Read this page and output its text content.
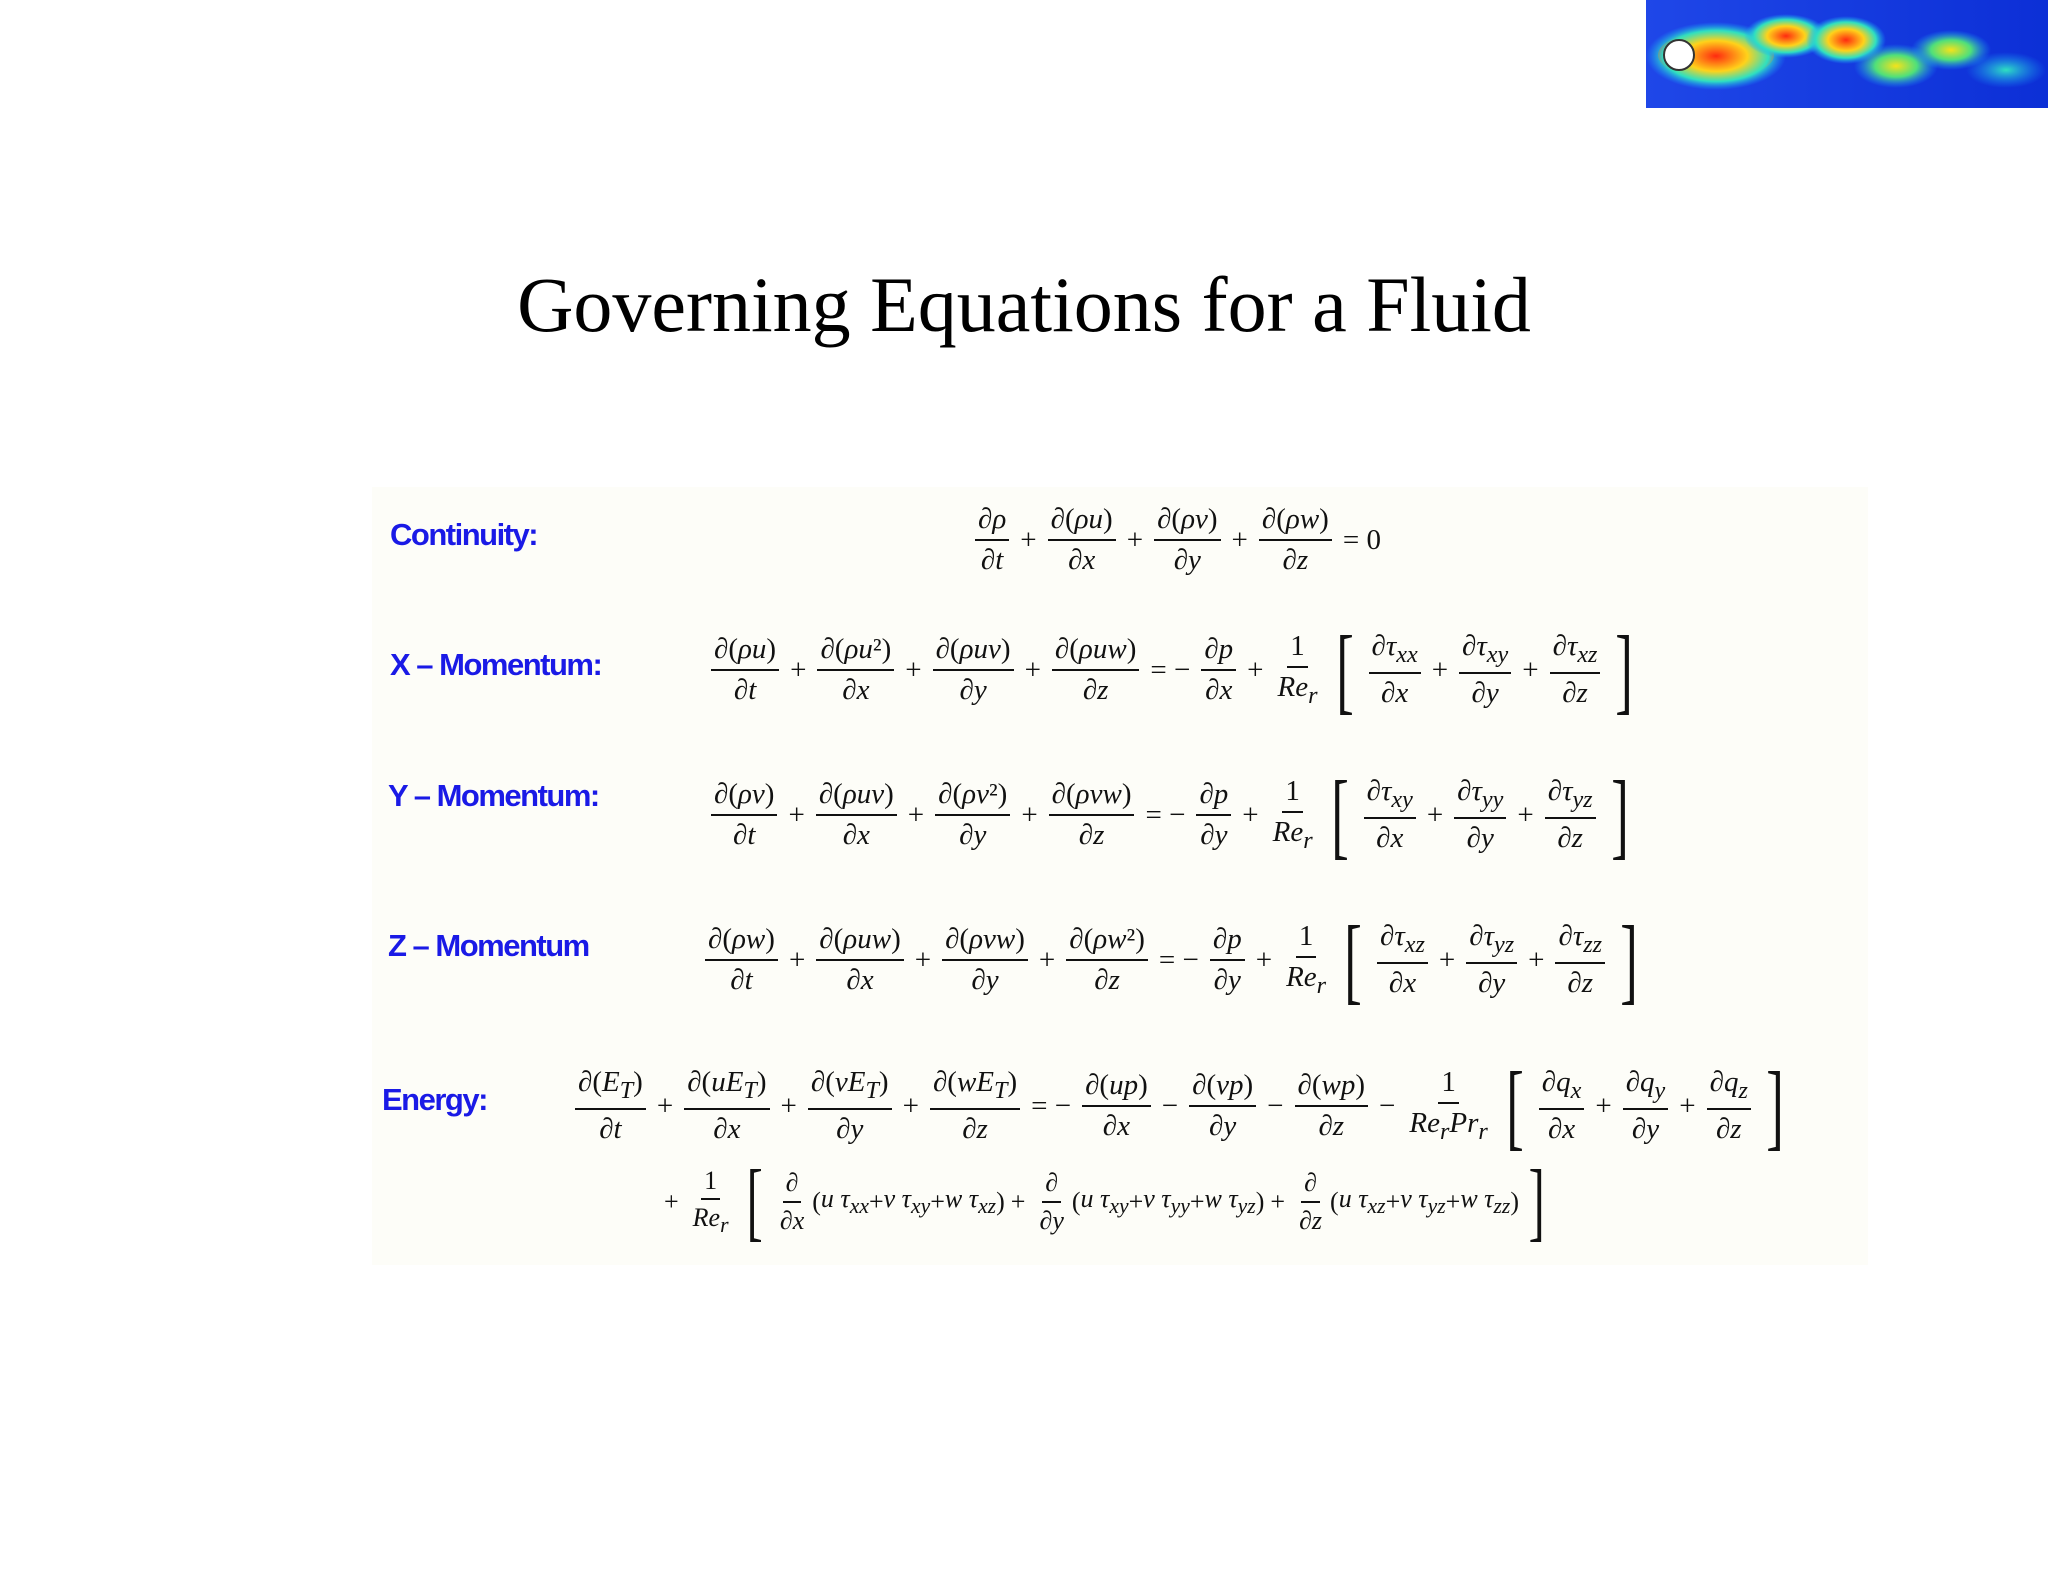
Governing Equations for a Fluid
Continuity:
X – Momentum:
Y – Momentum:
Z – Momentum
Energy:
$\frac{\partial\rho}{\partial t} + \frac{\partial(\rho u)}{\partial x} + \frac{\partial(\rho v)}{\partial y} + \frac{\partial(\rho w)}{\partial z} = 0$
$\frac{\partial(\rho u)}{\partial t} + \frac{\text{∂(ρu²)}}{\partial x} + \frac{\text{∂(ρuv)}}{\partial y} + \frac{\text{∂(ρuw)}}{\partial z}$ = − $\frac{\partial p}{\partial x} + \frac{1}{Re_r}$ [ $\frac{\partial\tau_{xx}}{\partial x} + \frac{\partial\tau_{xy}}{\partial y} + \frac{\partial\tau_{xz}}{\partial z}$ ]
$\frac{\partial(\rho v)}{\partial t} + \frac{\text{∂(ρuv)}}{\partial x} + \frac{\text{∂(ρv²)}}{\partial y} + \frac{\text{∂(ρvw)}}{\partial z}$ = − $\frac{\partial p}{\partial y} + \frac{1}{Re_r}$ [ $\frac{\partial\tau_{xy}}{\partial x} + \frac{\partial\tau_{yy}}{\partial y} + \frac{\partial\tau_{yz}}{\partial z}$ ]
$\frac{\partial(\rho w)}{\partial t} + \frac{\text{∂(ρuw)}}{\partial x} + \frac{\text{∂(ρvw)}}{\partial y} + \frac{\text{∂(ρw²)}}{\partial z}$ = − $\frac{\partial p}{\partial y} + \frac{1}{Re_r}$ [ $\frac{\partial\tau_{xz}}{\partial x} + \frac{\partial\tau_{yz}}{\partial y} + \frac{\partial\tau_{zz}}{\partial z}$ ]
$\frac{\partial(E_T)}{\partial t} + \frac{\partial(uE_T)}{\partial x} + \frac{\partial(vE_T)}{\partial y} + \frac{\partial(wE_T)}{\partial z}$ = − $\frac{\partial(up)}{\partial x} - \frac{\partial(vp)}{\partial y} - \frac{\partial(wp)}{\partial z} - \frac{1}{Re_rPr_r}$ [ $\frac{\partial q_x}{\partial x} + \frac{\partial q_y}{\partial y} + \frac{\partial q_z}{\partial z}$ ]
+ $\frac{1}{Re_r}$ [ $\frac{\partial}{\partial x}$ ( u $\tau_{xx} + v$ $\tau_{xy} + w$ $\tau_{xz}$ ) + $\frac{\partial}{\partial y}$ ( u $\tau_{xy} + v$ $\tau_{yy} + w$ $\tau_{yz}$ ) + $\frac{\partial}{\partial z}$ ( u $\tau_{xz} + v$ $\tau_{yz} + w$ $\tau_{zz}$ ) ]
